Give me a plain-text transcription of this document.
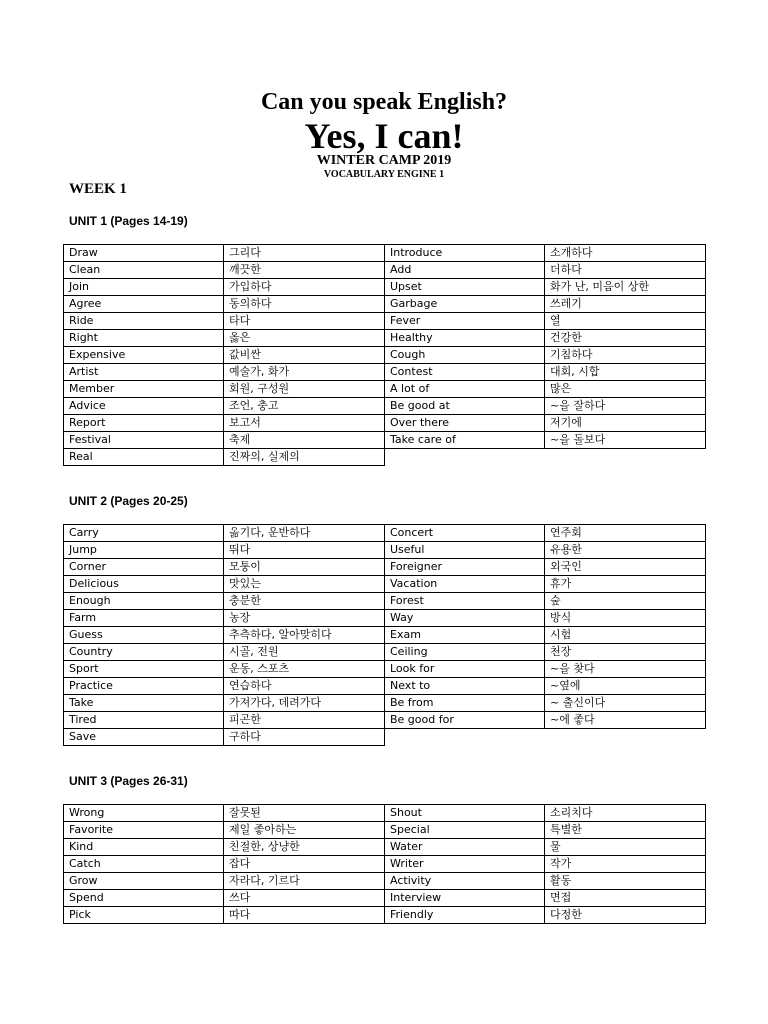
Can you speak English?
Yes, I can!
WINTER CAMP 2019
VOCABULARY ENGINE 1
WEEK 1
UNIT 1 (Pages 14-19)
Draw	그리다	Introduce	소개하다
Clean	깨끗한	Add	더하다
Join	가입하다	Upset	화가 난, 미음이 상한
Agree	동의하다	Garbage	쓰레기
Ride	타다	Fever	열
Right	옳은	Healthy	건강한
Expensive	값비싼	Cough	기침하다
Artist	예술가, 화가	Contest	대회, 시합
Member	회원, 구성원	A lot of	많은
Advice	조언, 충고	Be good at	~을 잘하다
Report	보고서	Over there	저기에
Festival	축제	Take care of	~을 돌보다
Real	진짜의, 실제의		
UNIT 2 (Pages 20-25)
Carry	옮기다, 운반하다	Concert	연주회
Jump	뛰다	Useful	유용한
Corner	모퉁이	Foreigner	외국인
Delicious	맛있는	Vacation	휴가
Enough	충분한	Forest	숲
Farm	농장	Way	방식
Guess	추측하다, 알아맞히다	Exam	시험
Country	시골, 전원	Ceiling	천장
Sport	운동, 스포츠	Look for	~을 찾다
Practice	연습하다	Next to	~옆에
Take	가져가다, 데려가다	Be from	~ 출신이다
Tired	피곤한	Be good for	~에 좋다
Save	구하다		
UNIT 3 (Pages 26-31)
Wrong	잘못된	Shout	소리치다
Favorite	제일 좋아하는	Special	특별한
Kind	친절한, 상냥한	Water	물
Catch	잡다	Writer	작가
Grow	자라다, 기르다	Activity	활동
Spend	쓰다	Interview	면접
Pick	따다	Friendly	다정한
